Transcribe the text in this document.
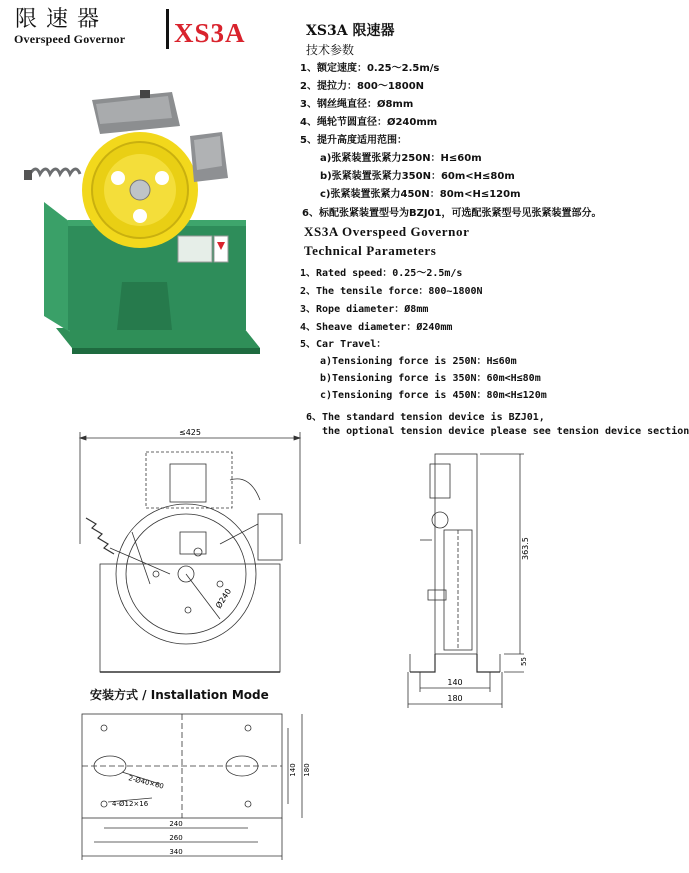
限速器
Overspeed Governor XS3A	XS3A 限速器
技术参数
1、额定速度：0.25～2.5m/s
2、提拉力：800～1800N
3、钢丝绳直径：Ø8mm
4、绳轮节圆直径：Ø240mm
5、提升高度适用范围：
a)张紧装置张紧力250N：H≤60m
b)张紧装置张紧力350N：60m<H≤80m
c)张紧装置张紧力450N：80m<H≤120m
6、标配张紧装置型号为BZJ01，可选配张紧型号见张紧装置部分。
XS3A Overspeed Governor
Technical Parameters
1、Rated speed：0.25～2.5m/s
2、The tensile force：800~1800N
3、Rope diameter：Ø8mm
4、Sheave diameter：Ø240mm
5、Car Travel：
a)Tensioning force is 250N：H≤60m
b)Tensioning force is 350N：60m<H≤80m
c)Tensioning force is 450N：80m<H≤120m
6、The standard tension device is BZJ01,
the optional tension device please see tension device section
≤425
Ø240
363.5
55
140
180
安装方式 / Installation Mode
2-Ø40×60
4-Ø12×16
140 180
240
260
340
